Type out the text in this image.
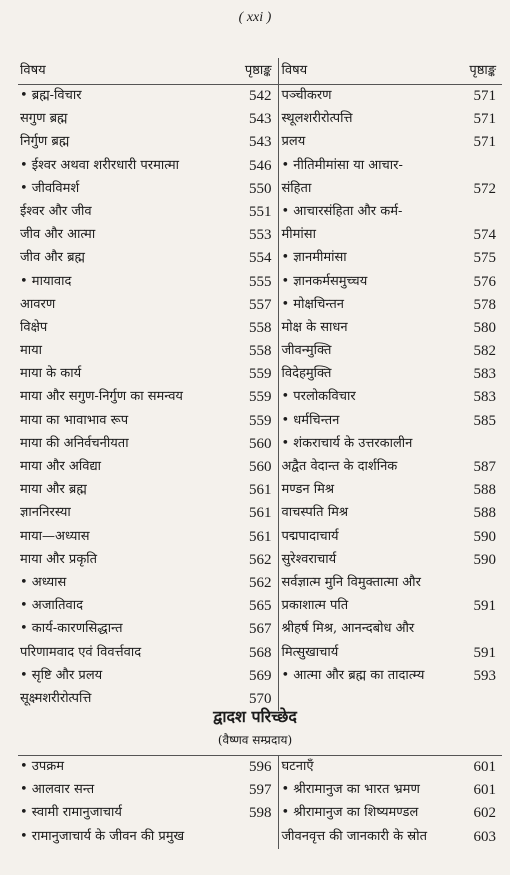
( xxi )
विषय	पृष्ठाङ्क	विषय	पृष्ठाङ्क
• ब्रह्म-विचार	542	पञ्चीकरण	571
सगुण ब्रह्म	543	स्थूलशरीरोत्पत्ति	571
निर्गुण ब्रह्म	543	प्रलय	571
• ईश्वर अथवा शरीरधारी परमात्मा	546	• नीतिमीमांसा या आचार-	
• जीवविमर्श	550	संहिता	572
ईश्वर और जीव	551	• आचारसंहिता और कर्म-	
जीव और आत्मा	553	मीमांसा	574
जीव और ब्रह्म	554	• ज्ञानमीमांसा	575
• मायावाद	555	• ज्ञानकर्मसमुच्चय	576
आवरण	557	• मोक्षचिन्तन	578
विक्षेप	558	मोक्ष के साधन	580
माया	558	जीवन्मुक्ति	582
माया के कार्य	559	विदेहमुक्ति	583
माया और सगुण-निर्गुण का समन्वय	559	• परलोकविचार	583
माया का भावाभाव रूप	559	• धर्मचिन्तन	585
माया की अनिर्वचनीयता	560	• शंकराचार्य के उत्तरकालीन	
माया और अविद्या	560	अद्वैत वेदान्त के दार्शनिक	587
माया और ब्रह्म	561	मण्डन मिश्र	588
ज्ञाननिरस्या	561	वाचस्पति मिश्र	588
माया—अध्यास	561	पद्मपादाचार्य	590
माया और प्रकृति	562	सुरेश्वराचार्य	590
• अध्यास	562	सर्वज्ञात्म मुनि विमुक्तात्मा और	
• अजातिवाद	565	प्रकाशात्म पति	591
• कार्य-कारणसिद्धान्त	567	श्रीहर्ष मिश्र, आनन्दबोध और	
परिणामवाद एवं विवर्त्तवाद	568	मित्सुखाचार्य	591
• सृष्टि और प्रलय	569	• आत्मा और ब्रह्म का तादात्म्य	593
सूक्ष्मशरीरोत्पत्ति	570		
द्वादश परिच्छेद
(वैष्णव सम्प्रदाय)
• उपक्रम	596	घटनाएँ	601
• आलवार सन्त	597	• श्रीरामानुज का भारत भ्रमण	601
• स्वामी रामानुजाचार्य	598	• श्रीरामानुज का शिष्यमण्डल	602
• रामानुजाचार्य के जीवन की प्रमुख		जीवनवृत्त की जानकारी के स्रोत	603
